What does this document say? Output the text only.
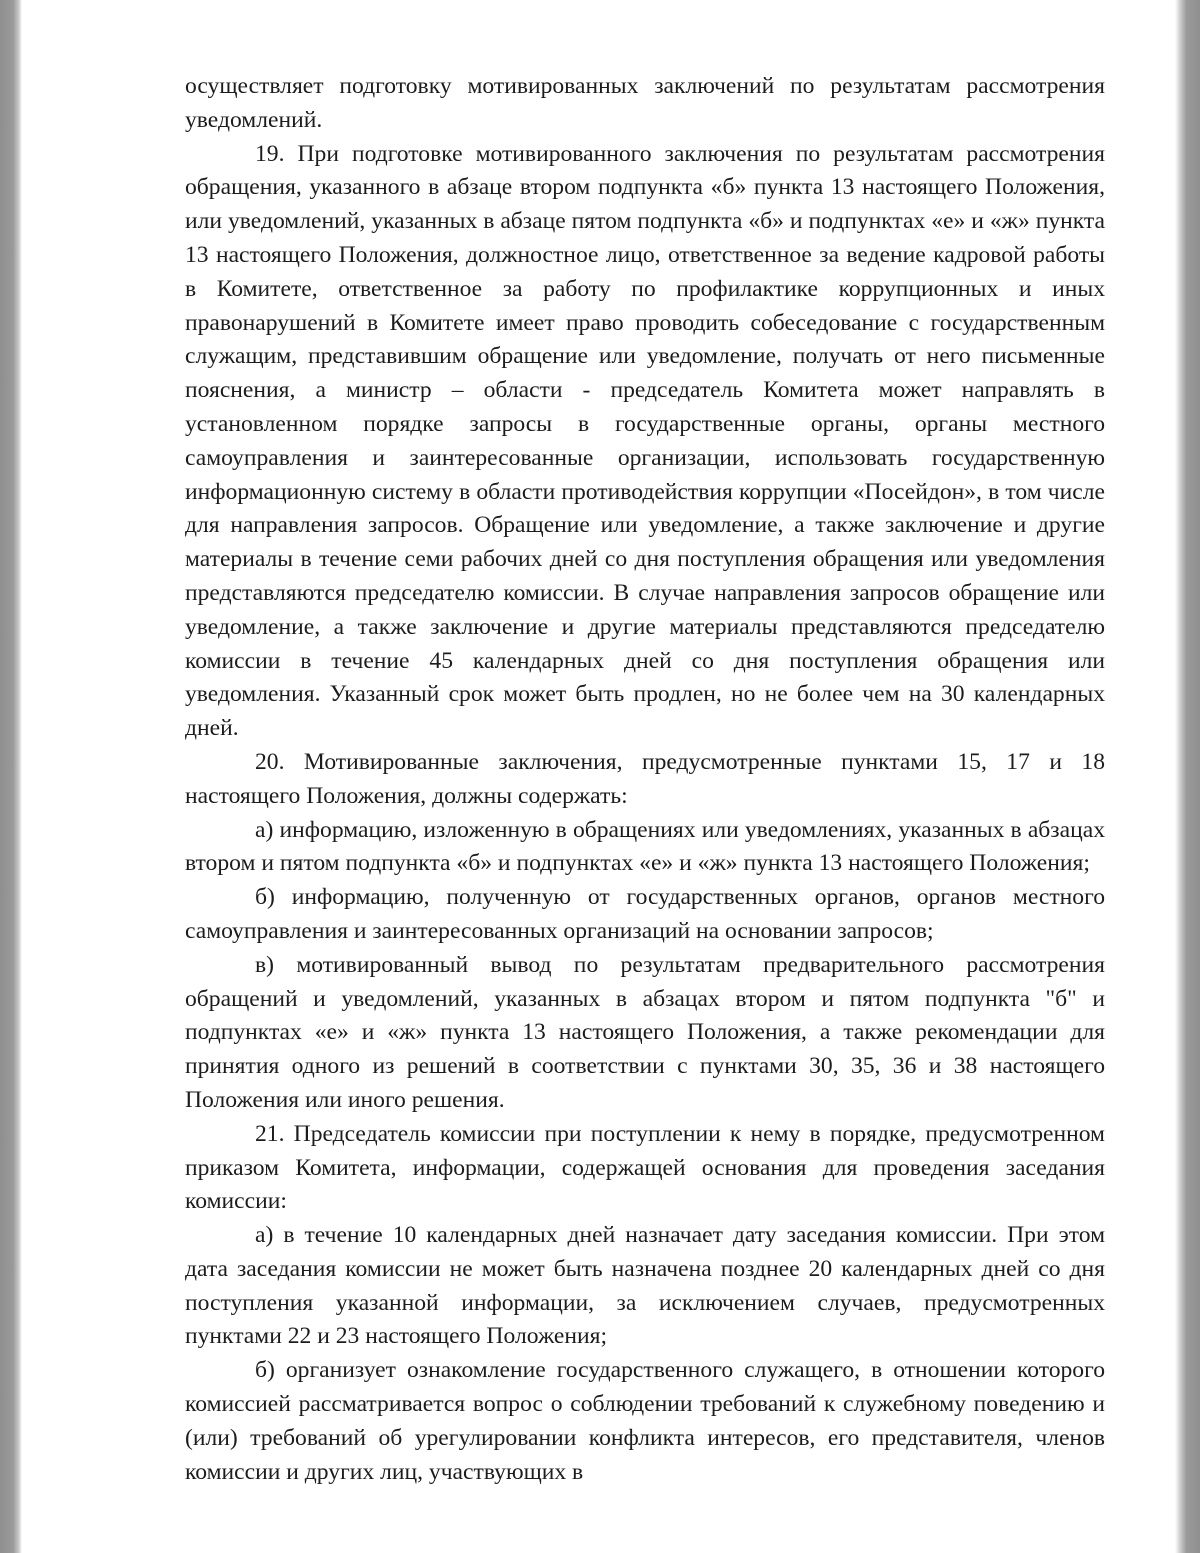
осуществляет подготовку мотивированных заключений по результатам рассмотрения уведомлений.

19. При подготовке мотивированного заключения по результатам рассмотрения обращения, указанного в абзаце втором подпункта «б» пункта 13 настоящего Положения, или уведомлений, указанных в абзаце пятом подпункта «б» и подпунктах «е» и «ж» пункта 13 настоящего Положения, должностное лицо, ответственное за ведение кадровой работы в Комитете, ответственное за работу по профилактике коррупционных и иных правонарушений в Комитете имеет право проводить собеседование с государственным служащим, представившим обращение или уведомление, получать от него письменные пояснения, а министр – области - председатель Комитета может направлять в установленном порядке запросы в государственные органы, органы местного самоуправления и заинтересованные организации, использовать государственную информационную систему в области противодействия коррупции «Посейдон», в том числе для направления запросов. Обращение или уведомление, а также заключение и другие материалы в течение семи рабочих дней со дня поступления обращения или уведомления представляются председателю комиссии. В случае направления запросов обращение или уведомление, а также заключение и другие материалы представляются председателю комиссии в течение 45 календарных дней со дня поступления обращения или уведомления. Указанный срок может быть продлен, но не более чем на 30 календарных дней.

20. Мотивированные заключения, предусмотренные пунктами 15, 17 и 18 настоящего Положения, должны содержать:

а) информацию, изложенную в обращениях или уведомлениях, указанных в абзацах втором и пятом подпункта «б» и подпунктах «е» и «ж» пункта 13 настоящего Положения;

б) информацию, полученную от государственных органов, органов местного самоуправления и заинтересованных организаций на основании запросов;

в) мотивированный вывод по результатам предварительного рассмотрения обращений и уведомлений, указанных в абзацах втором и пятом подпункта "б" и подпунктах «е» и «ж» пункта 13 настоящего Положения, а также рекомендации для принятия одного из решений в соответствии с пунктами 30, 35, 36 и 38 настоящего Положения или иного решения.

21. Председатель комиссии при поступлении к нему в порядке, предусмотренном приказом Комитета, информации, содержащей основания для проведения заседания комиссии:

а) в течение 10 календарных дней назначает дату заседания комиссии. При этом дата заседания комиссии не может быть назначена позднее 20 календарных дней со дня поступления указанной информации, за исключением случаев, предусмотренных пунктами 22 и 23 настоящего Положения;

б) организует ознакомление государственного служащего, в отношении которого комиссией рассматривается вопрос о соблюдении требований к служебному поведению и (или) требований об урегулировании конфликта интересов, его представителя, членов комиссии и других лиц, участвующих в
